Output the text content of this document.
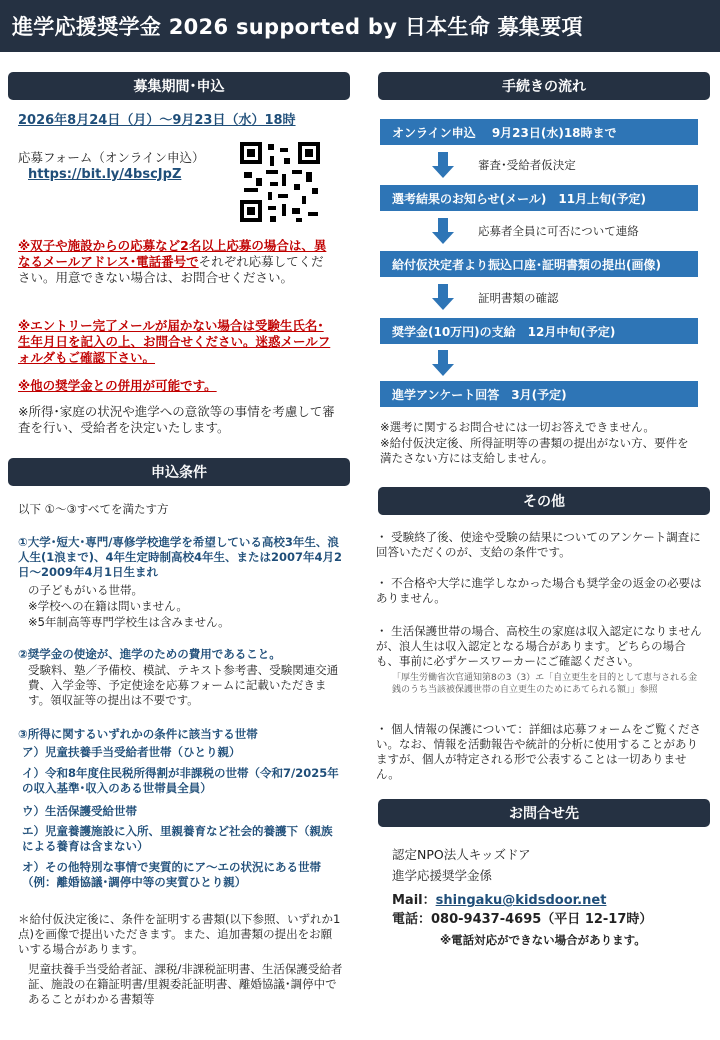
進学応援奨学金 2026 supported by 日本生命 募集要項
募集期間･申込
2026年8月24日（月）～9月23日（水）18時
応募フォーム（オンライン申込）
https://bit.ly/4bscJpZ
※双子や施設からの応募など2名以上応募の場合は、異なるメールアドレス･電話番号でそれぞれ応募してください。用意できない場合は、お問合せください。
※エントリー完了メールが届かない場合は受験生氏名･生年月日を記入の上、お問合せください。迷惑メールフォルダもご確認下さい。
※他の奨学金との併用が可能です。
※所得･家庭の状況や進学への意欲等の事情を考慮して審査を行い、受給者を決定いたします。
申込条件
以下 ①～③すべてを満たす方
①大学･短大･専門/専修学校進学を希望している高校3年生、浪人生(1浪まで)、4年生定時制高校4年生、または2007年4月2日～2009年4月1日生まれ
の子どもがいる世帯。
※学校への在籍は問いません。
※5年制高等専門学校生は含みません。
②奨学金の使途が、進学のための費用であること。
受験料、塾／予備校、模試、テキスト参考書、受験関連交通費、入学金等、予定使途を応募フォームに記載いただきます。領収証等の提出は不要です。
③所得に関するいずれかの条件に該当する世帯
ア）児童扶養手当受給者世帯（ひとり親）
イ）令和8年度住民税所得割が非課税の世帯（令和7/2025年の収入基準･収入のある世帯員全員）
ウ）生活保護受給世帯
エ）児童養護施設に入所、里親養育など社会的養護下（親族による養育は含まない）
オ）その他特別な事情で実質的にア～エの状況にある世帯（例：離婚協議･調停中等の実質ひとり親）
＊給付仮決定後に、条件を証明する書類(以下参照、いずれか1点)を画像で提出いただきます。また、追加書類の提出をお願いする場合があります。
児童扶養手当受給者証、課税/非課税証明書、生活保護受給者証、施設の在籍証明書/里親委託証明書、離婚協議･調停中であることがわかる書類等
手続きの流れ
オンライン申込　 9月23日(水)18時まで
審査･受給者仮決定
選考結果のお知らせ(メール)　11月上旬(予定)
応募者全員に可否について連絡
給付仮決定者より振込口座･証明書類の提出(画像)
証明書類の確認
奨学金(10万円)の支給　12月中旬(予定)
進学アンケート回答　3月(予定)
※選考に関するお問合せには一切お答えできません。
※給付仮決定後、所得証明等の書類の提出がない方、要件を満たさない方には支給しません。
その他
・ 受験終了後、使途や受験の結果についてのアンケート調査に回答いただくのが、支給の条件です。
・ 不合格や大学に進学しなかった場合も奨学金の返金の必要はありません。
・ 生活保護世帯の場合、高校生の家庭は収入認定になりませんが、浪人生は収入認定となる場合があります。どちらの場合も、事前に必ずケースワーカーにご確認ください。
「厚生労働省次官通知第8の3（3）エ「自立更生を目的として恵与される金銭のうち当該被保護世帯の自立更生のためにあてられる額」」参照
・ 個人情報の保護について：詳細は応募フォームをご覧ください。なお、情報を活動報告や統計的分析に使用することがありますが、個人が特定される形で公表することは一切ありません。
お問合せ先
認定NPO法人キッズドア
進学応援奨学金係
Mail：shingaku@kidsdoor.net
電話：080-9437-4695（平日 12-17時）
※電話対応ができない場合があります。
